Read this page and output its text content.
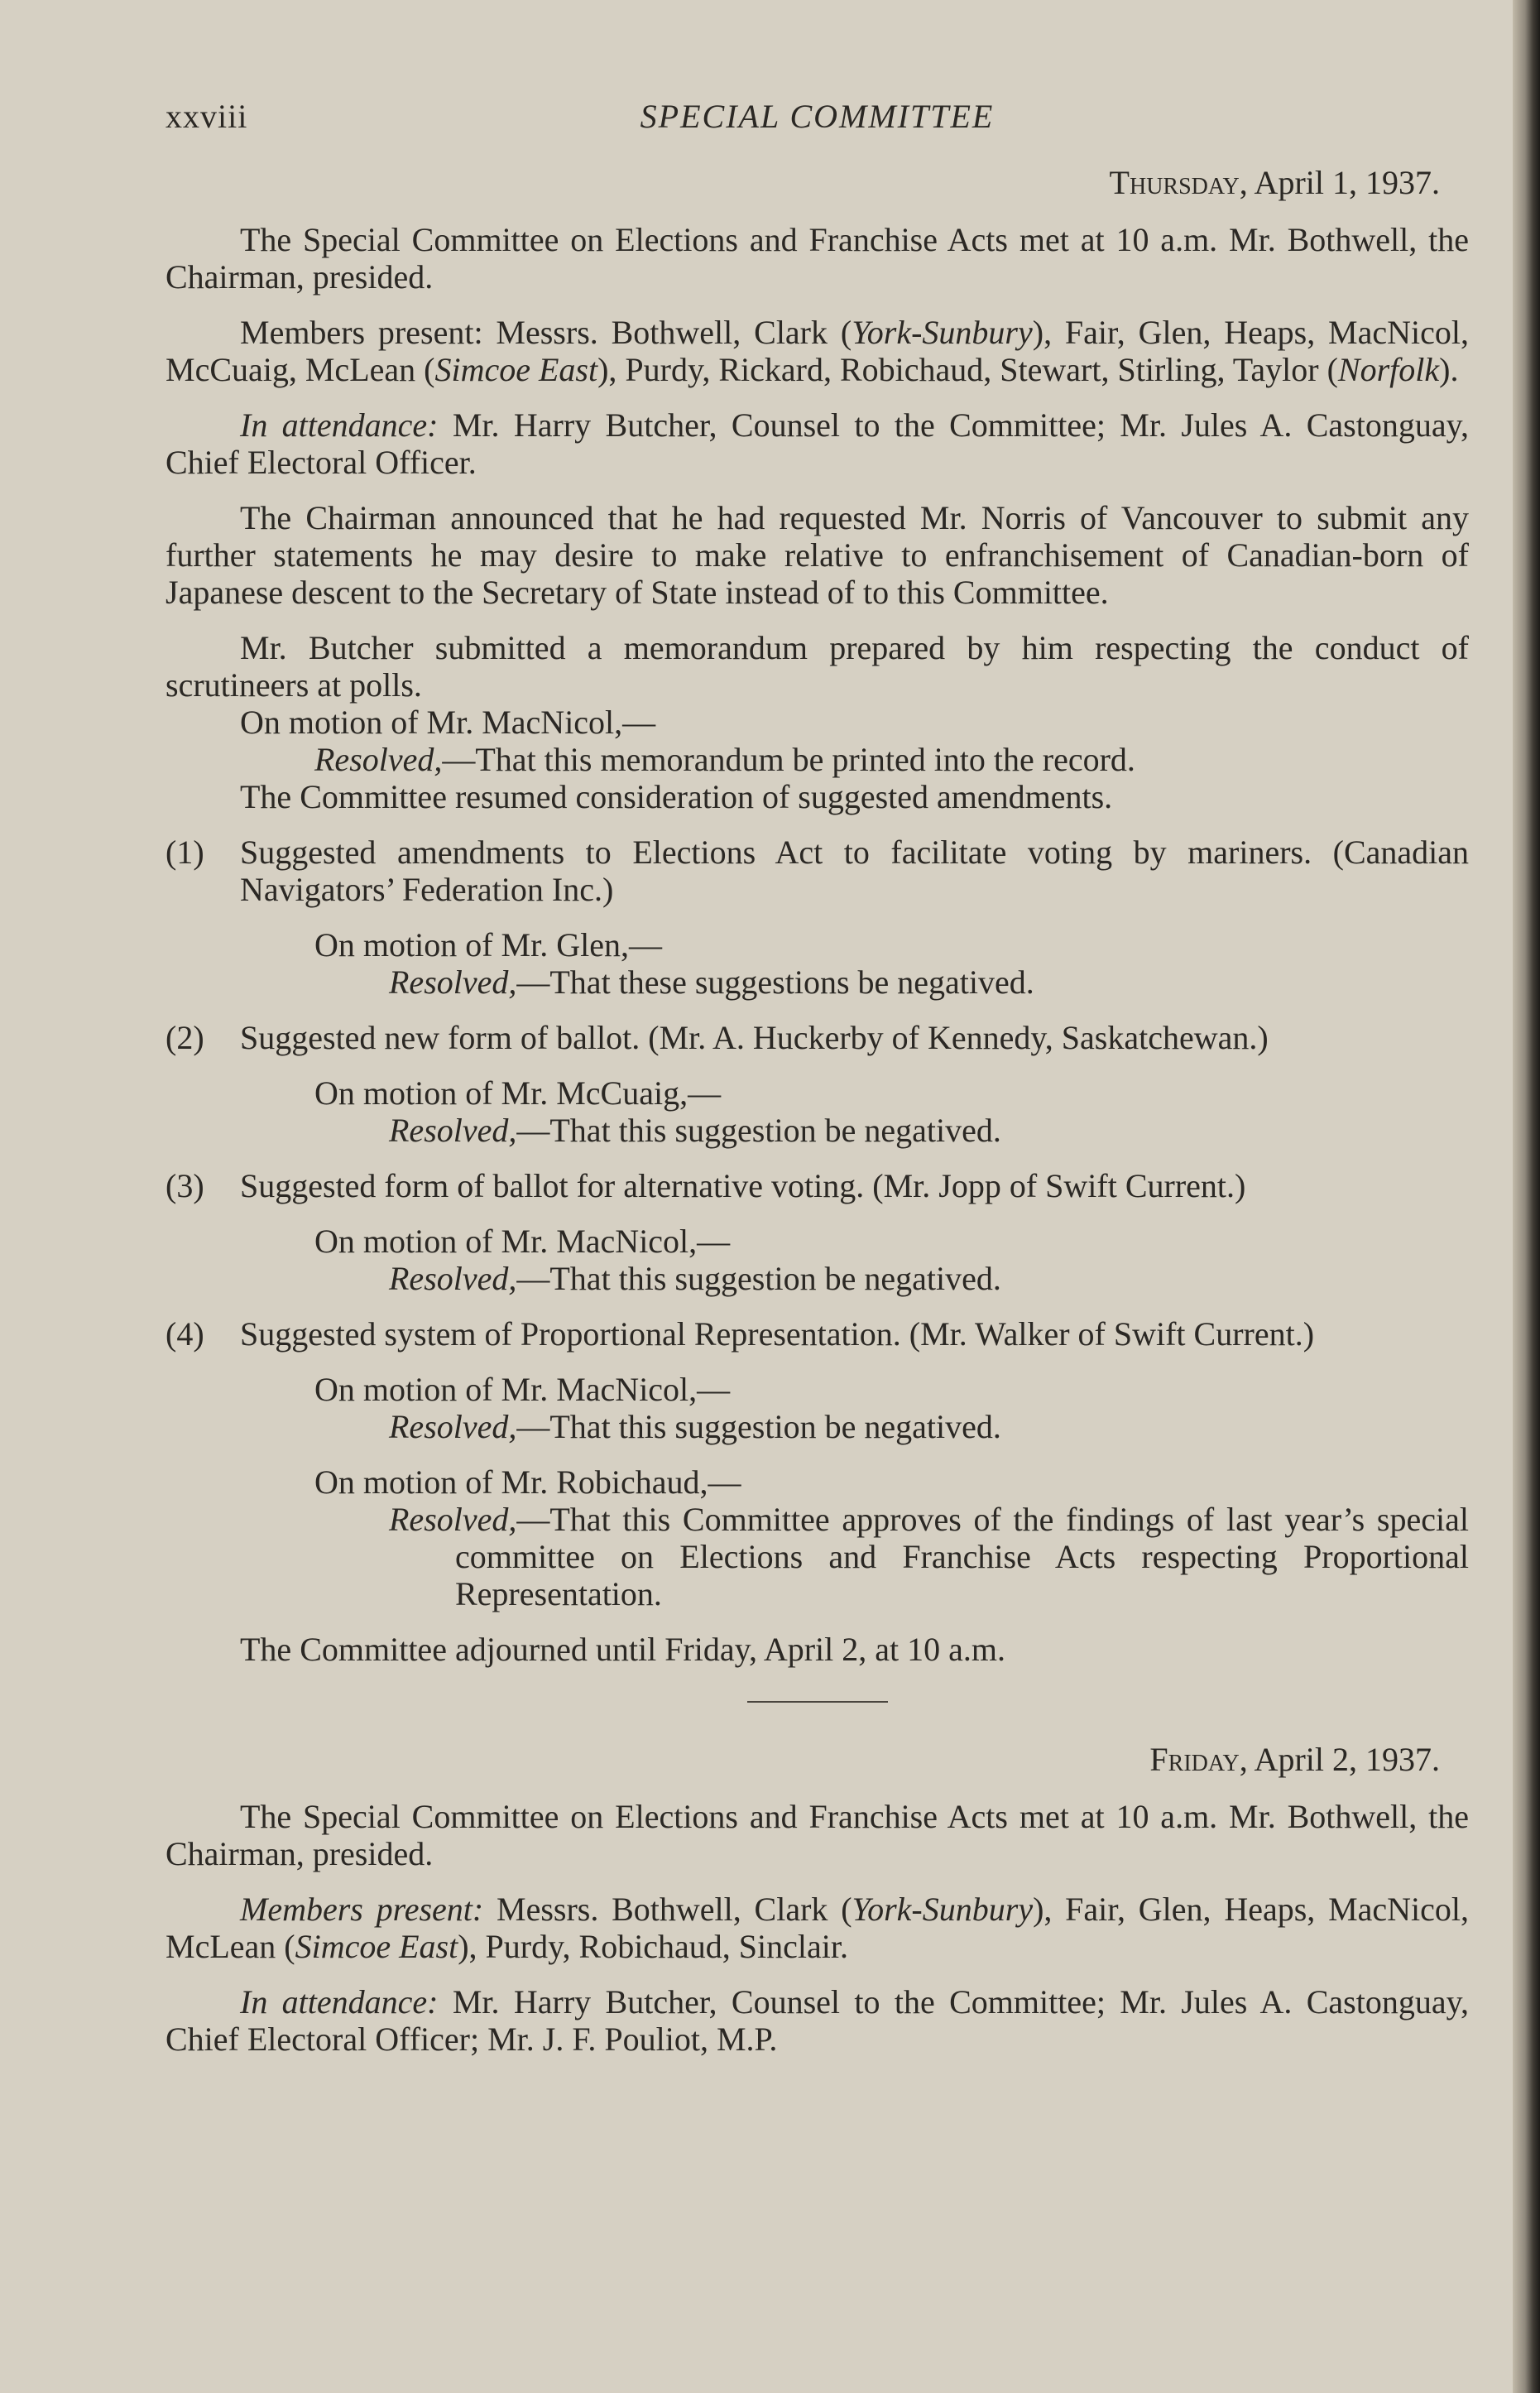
xxviii	SPECIAL COMMITTEE
Thursday, April 1, 1937.

The Special Committee on Elections and Franchise Acts met at 10 a.m. Mr. Bothwell, the Chairman, presided.

Members present: Messrs. Bothwell, Clark (York-Sunbury), Fair, Glen, Heaps, MacNicol, McCuaig, McLean (Simcoe East), Purdy, Rickard, Robichaud, Stewart, Stirling, Taylor (Norfolk).

In attendance: Mr. Harry Butcher, Counsel to the Committee; Mr. Jules A. Castonguay, Chief Electoral Officer.

The Chairman announced that he had requested Mr. Norris of Vancouver to submit any further statements he may desire to make relative to enfranchisement of Canadian-born of Japanese descent to the Secretary of State instead of to this Committee.

Mr. Butcher submitted a memorandum prepared by him respecting the conduct of scrutineers at polls.

On motion of Mr. MacNicol,—

Resolved,—That this memorandum be printed into the record.

The Committee resumed consideration of suggested amendments.

(1)	Suggested amendments to Elections Act to facilitate voting by mariners. (Canadian Navigators’ Federation Inc.)

On motion of Mr. Glen,—

Resolved,—That these suggestions be negatived.

(2)	Suggested new form of ballot. (Mr. A. Huckerby of Kennedy, Saskatchewan.)

On motion of Mr. McCuaig,—

Resolved,—That this suggestion be negatived.

(3)	Suggested form of ballot for alternative voting. (Mr. Jopp of Swift Current.)

On motion of Mr. MacNicol,—

Resolved,—That this suggestion be negatived.

(4)	Suggested system of Proportional Representation. (Mr. Walker of Swift Current.)

On motion of Mr. MacNicol,—

Resolved,—That this suggestion be negatived.

On motion of Mr. Robichaud,—

Resolved,—That this Committee approves of the findings of last year’s special committee on Elections and Franchise Acts respecting Proportional Representation.

The Committee adjourned until Friday, April 2, at 10 a.m.

Friday, April 2, 1937.

The Special Committee on Elections and Franchise Acts met at 10 a.m. Mr. Bothwell, the Chairman, presided.

Members present: Messrs. Bothwell, Clark (York-Sunbury), Fair, Glen, Heaps, MacNicol, McLean (Simcoe East), Purdy, Robichaud, Sinclair.

In attendance: Mr. Harry Butcher, Counsel to the Committee; Mr. Jules A. Castonguay, Chief Electoral Officer; Mr. J. F. Pouliot, M.P.
